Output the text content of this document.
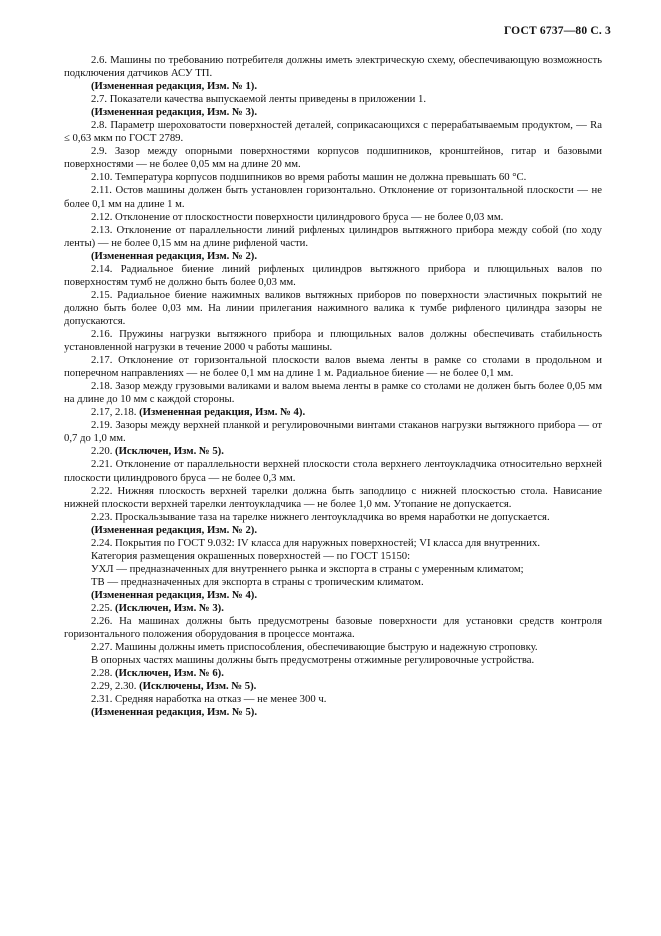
ГОСТ 6737—80 С. 3

2.6. Машины по требованию потребителя должны иметь электрическую схему, обеспечивающую возможность подключения датчиков АСУ ТП.

(Измененная редакция, Изм. № 1).

2.7. Показатели качества выпускаемой ленты приведены в приложении 1.

(Измененная редакция, Изм. № 3).

2.8. Параметр шероховатости поверхностей деталей, соприкасающихся с перерабатываемым продуктом, — Ra ≤ 0,63 мкм по ГОСТ 2789.

2.9. Зазор между опорными поверхностями корпусов подшипников, кронштейнов, гитар и базовыми поверхностями — не более 0,05 мм на длине 20 мм.

2.10. Температура корпусов подшипников во время работы машин не должна превышать 60 °С.

2.11. Остов машины должен быть установлен горизонтально. Отклонение от горизонтальной плоскости — не более 0,1 мм на длине 1 м.

2.12. Отклонение от плоскостности поверхности цилиндрового бруса — не более 0,03 мм.

2.13. Отклонение от параллельности линий рифленых цилиндров вытяжного прибора между собой (по ходу ленты) — не более 0,15 мм на длине рифленой части.

(Измененная редакция, Изм. № 2).

2.14. Радиальное биение линий рифленых цилиндров вытяжного прибора и плющильных валов по поверхностям тумб не должно быть более 0,03 мм.

2.15. Радиальное биение нажимных валиков вытяжных приборов по поверхности эластичных покрытий не должно быть более 0,03 мм. На линии прилегания нажимного валика к тумбе рифленого цилиндра зазоры не допускаются.

2.16. Пружины нагрузки вытяжного прибора и плющильных валов должны обеспечивать стабильность установленной нагрузки в течение 2000 ч работы машины.

2.17. Отклонение от горизонтальной плоскости валов выема ленты в рамке со столами в продольном и поперечном направлениях — не более 0,1 мм на длине 1 м. Радиальное биение — не более 0,1 мм.

2.18. Зазор между грузовыми валиками и валом выема ленты в рамке со столами не должен быть более 0,05 мм на длине до 10 мм с каждой стороны.

2.17, 2.18. (Измененная редакция, Изм. № 4).

2.19. Зазоры между верхней планкой и регулировочными винтами стаканов нагрузки вытяжного прибора — от 0,7 до 1,0 мм.

2.20. (Исключен, Изм. № 5).

2.21. Отклонение от параллельности верхней плоскости стола верхнего лентоукладчика относительно верхней плоскости цилиндрового бруса — не более 0,3 мм.

2.22. Нижняя плоскость верхней тарелки должна быть заподлицо с нижней плоскостью стола. Нависание нижней плоскости верхней тарелки лентоукладчика — не более 1,0 мм. Утопание не допускается.

2.23. Проскальзывание таза на тарелке нижнего лентоукладчика во время наработки не допускается.

(Измененная редакция, Изм. № 2).

2.24. Покрытия по ГОСТ 9.032: IV класса для наружных поверхностей; VI класса для внутренних.

Категория размещения окрашенных поверхностей — по ГОСТ 15150:

УХЛ — предназначенных для внутреннего рынка и экспорта в страны с умеренным климатом;

ТВ — предназначенных для экспорта в страны с тропическим климатом.

(Измененная редакция, Изм. № 4).

2.25. (Исключен, Изм. № 3).

2.26. На машинах должны быть предусмотрены базовые поверхности для установки средств контроля горизонтального положения оборудования в процессе монтажа.

2.27. Машины должны иметь приспособления, обеспечивающие быструю и надежную строповку.

В опорных частях машины должны быть предусмотрены отжимные регулировочные устройства.

2.28. (Исключен, Изм. № 6).

2.29, 2.30. (Исключены, Изм. № 5).

2.31. Средняя наработка на отказ — не менее 300 ч.

(Измененная редакция, Изм. № 5).
